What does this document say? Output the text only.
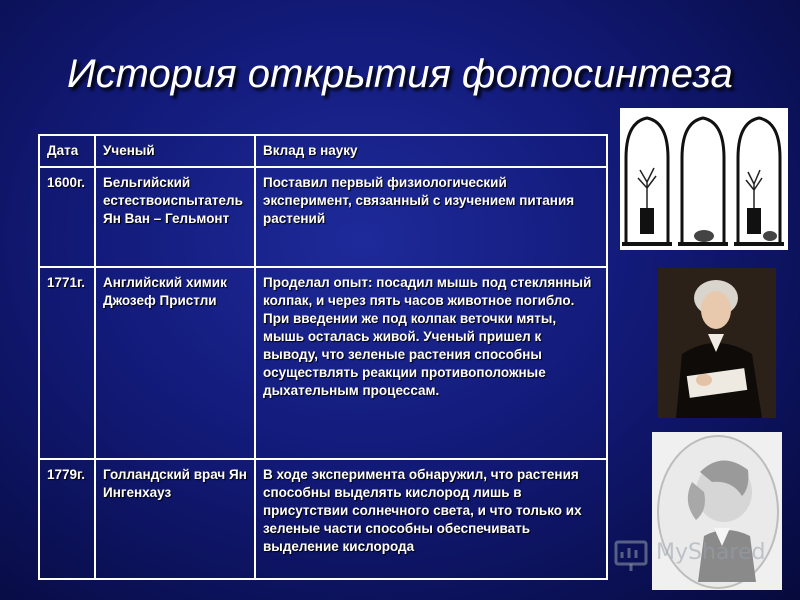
История открытия фотосинтеза
Дата	Ученый	Вклад в науку
1600г.	Бельгийский естествоиспытатель Ян Ван – Гельмонт	Поставил первый физиологический эксперимент, связанный с изучением питания растений
1771г.	Английский химик Джозеф Пристли	Проделал опыт: посадил мышь под стеклянный колпак, и через пять часов животное погибло. При введении же под колпак веточки мяты, мышь осталась живой. Ученый пришел к выводу, что зеленые растения способны осуществлять реакции противоположные дыхательным процессам.
1779г.	Голландский врач Ян Ингенхауз	В ходе эксперимента обнаружил, что растения способны выделять кислород лишь в присутствии солнечного света, и что только их зеленые части способны обеспечивать выделение кислорода	MyShared
